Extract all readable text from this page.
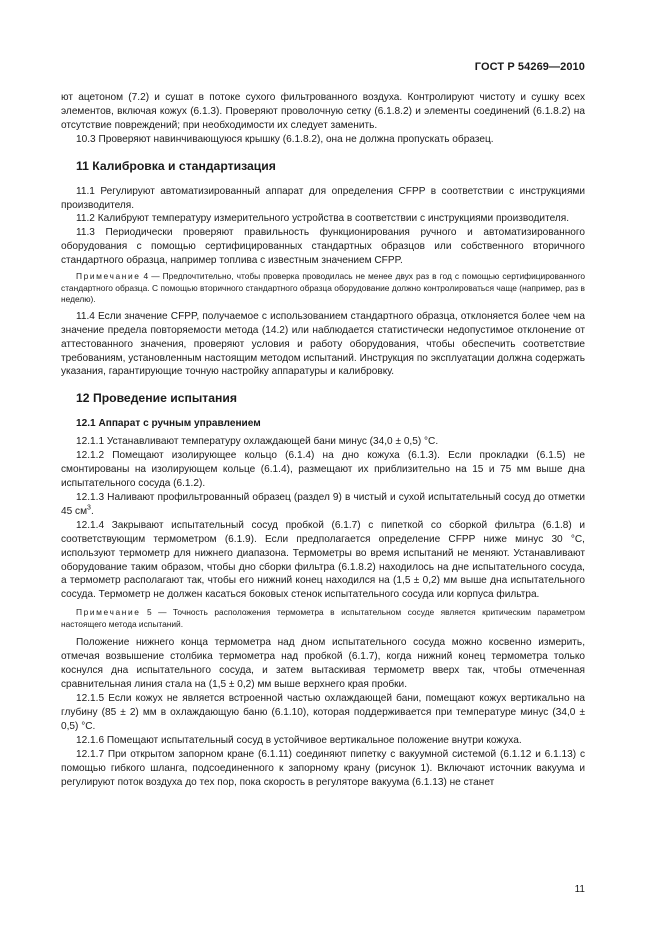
ГОСТ Р 54269—2010

ют ацетоном (7.2) и сушат в потоке сухого фильтрованного воздуха. Контролируют чистоту и сушку всех элементов, включая кожух (6.1.3). Проверяют проволочную сетку (6.1.8.2) и элементы соединений (6.1.8.2) на отсутствие повреждений; при необходимости их следует заменить.

10.3 Проверяют навинчивающуюся крышку (6.1.8.2), она не должна пропускать образец.

11 Калибровка и стандартизация

11.1 Регулируют автоматизированный аппарат для определения CFPP в соответствии с инструкциями производителя.

11.2 Калибруют температуру измерительного устройства в соответствии с инструкциями производителя.

11.3 Периодически проверяют правильность функционирования ручного и автоматизированного оборудования с помощью сертифицированных стандартных образцов или собственного вторичного стандартного образца, например топлива с известным значением CFPP.

Примечание 4 — Предпочтительно, чтобы проверка проводилась не менее двух раз в год с помощью сертифицированного стандартного образца. С помощью вторичного стандартного образца оборудование должно контролироваться чаще (например, раз в неделю).

11.4 Если значение CFPP, получаемое с использованием стандартного образца, отклоняется более чем на значение предела повторяемости метода (14.2) или наблюдается статистически недопустимое отклонение от аттестованного значения, проверяют условия и работу оборудования, чтобы обеспечить соответствие требованиям, установленным настоящим методом испытаний. Инструкция по эксплуатации должна содержать указания, гарантирующие точную настройку аппаратуры и калибровку.

12 Проведение испытания
12.1 Аппарат с ручным управлением

12.1.1 Устанавливают температуру охлаждающей бани минус (34,0 ± 0,5) °С.

12.1.2 Помещают изолирующее кольцо (6.1.4) на дно кожуха (6.1.3). Если прокладки (6.1.5) не смонтированы на изолирующем кольце (6.1.4), размещают их приблизительно на 15 и 75 мм выше дна испытательного сосуда (6.1.2).

12.1.3 Наливают профильтрованный образец (раздел 9) в чистый и сухой испытательный сосуд до отметки 45 $см^3$.

12.1.4 Закрывают испытательный сосуд пробкой (6.1.7) с пипеткой со сборкой фильтра (6.1.8) и соответствующим термометром (6.1.9). Если предполагается определение CFPP ниже минус 30 °С, используют термометр для нижнего диапазона. Термометры во время испытаний не меняют. Устанавливают оборудование таким образом, чтобы дно сборки фильтра (6.1.8.2) находилось на дне испытательного сосуда, а термометр располагают так, чтобы его нижний конец находился на (1,5 ± 0,2) мм выше дна испытательного сосуда. Термометр не должен касаться боковых стенок испытательного сосуда или корпуса фильтра.

Примечание 5 — Точность расположения термометра в испытательном сосуде является критическим параметром настоящего метода испытаний.

Положение нижнего конца термометра над дном испытательного сосуда можно косвенно измерить, отмечая возвышение столбика термометра над пробкой (6.1.7), когда нижний конец термометра только коснулся дна испытательного сосуда, и затем вытаскивая термометр вверх так, чтобы отмеченная сравнительная линия стала на (1,5 ± 0,2) мм выше верхнего края пробки.

12.1.5 Если кожух не является встроенной частью охлаждающей бани, помещают кожух вертикально на глубину (85 ± 2) мм в охлаждающую баню (6.1.10), которая поддерживается при температуре минус (34,0 ± 0,5) °С.

12.1.6 Помещают испытательный сосуд в устойчивое вертикальное положение внутри кожуха.

12.1.7 При открытом запорном кране (6.1.11) соединяют пипетку с вакуумной системой (6.1.12 и 6.1.13) с помощью гибкого шланга, подсоединенного к запорному крану (рисунок 1). Включают источник вакуума и регулируют поток воздуха до тех пор, пока скорость в регуляторе вакуума (6.1.13) не станет

11
